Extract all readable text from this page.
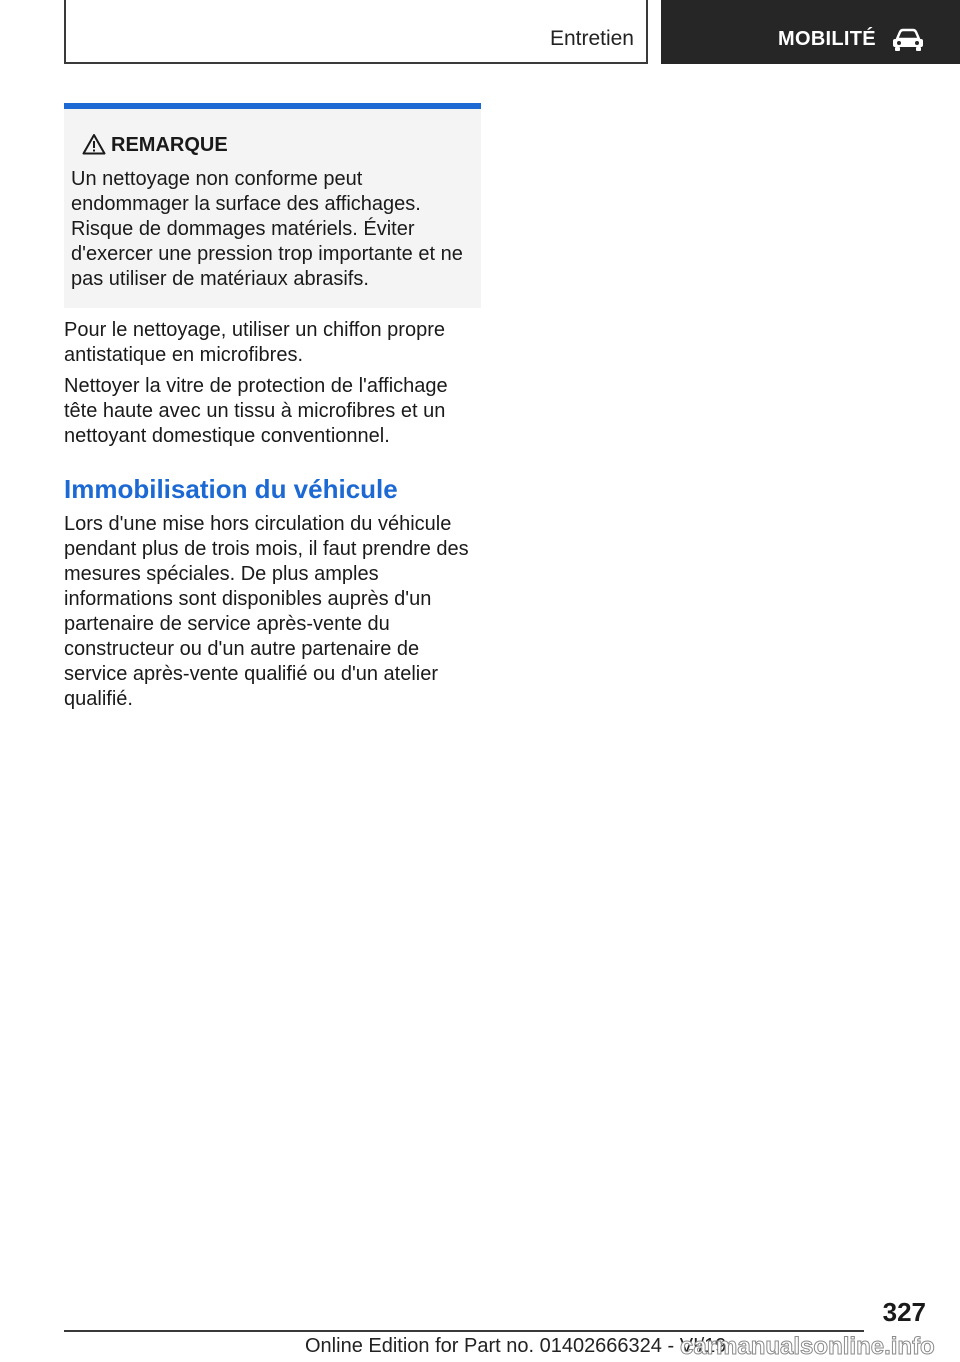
Entretien	MOBILITÉ
REMARQUE

Un nettoyage non conforme peut endommager la surface des affichages. Risque de dommages matériels. Éviter d'exercer une pression trop importante et ne pas utiliser de matériaux abrasifs.

Pour le nettoyage, utiliser un chiffon propre antistatique en microfibres.

Nettoyer la vitre de protection de l'affichage tête haute avec un tissu à microfibres et un nettoyant domestique conventionnel.

Immobilisation du véhicule

Lors d'une mise hors circulation du véhicule pendant plus de trois mois, il faut prendre des mesures spéciales. De plus amples informations sont disponibles auprès d'un partenaire de service après-vente du constructeur ou d'un autre partenaire de service après-vente qualifié ou d'un atelier qualifié.

327
Online Edition for Part no. 01402666324 - VI/19
carmanualsonline.info
